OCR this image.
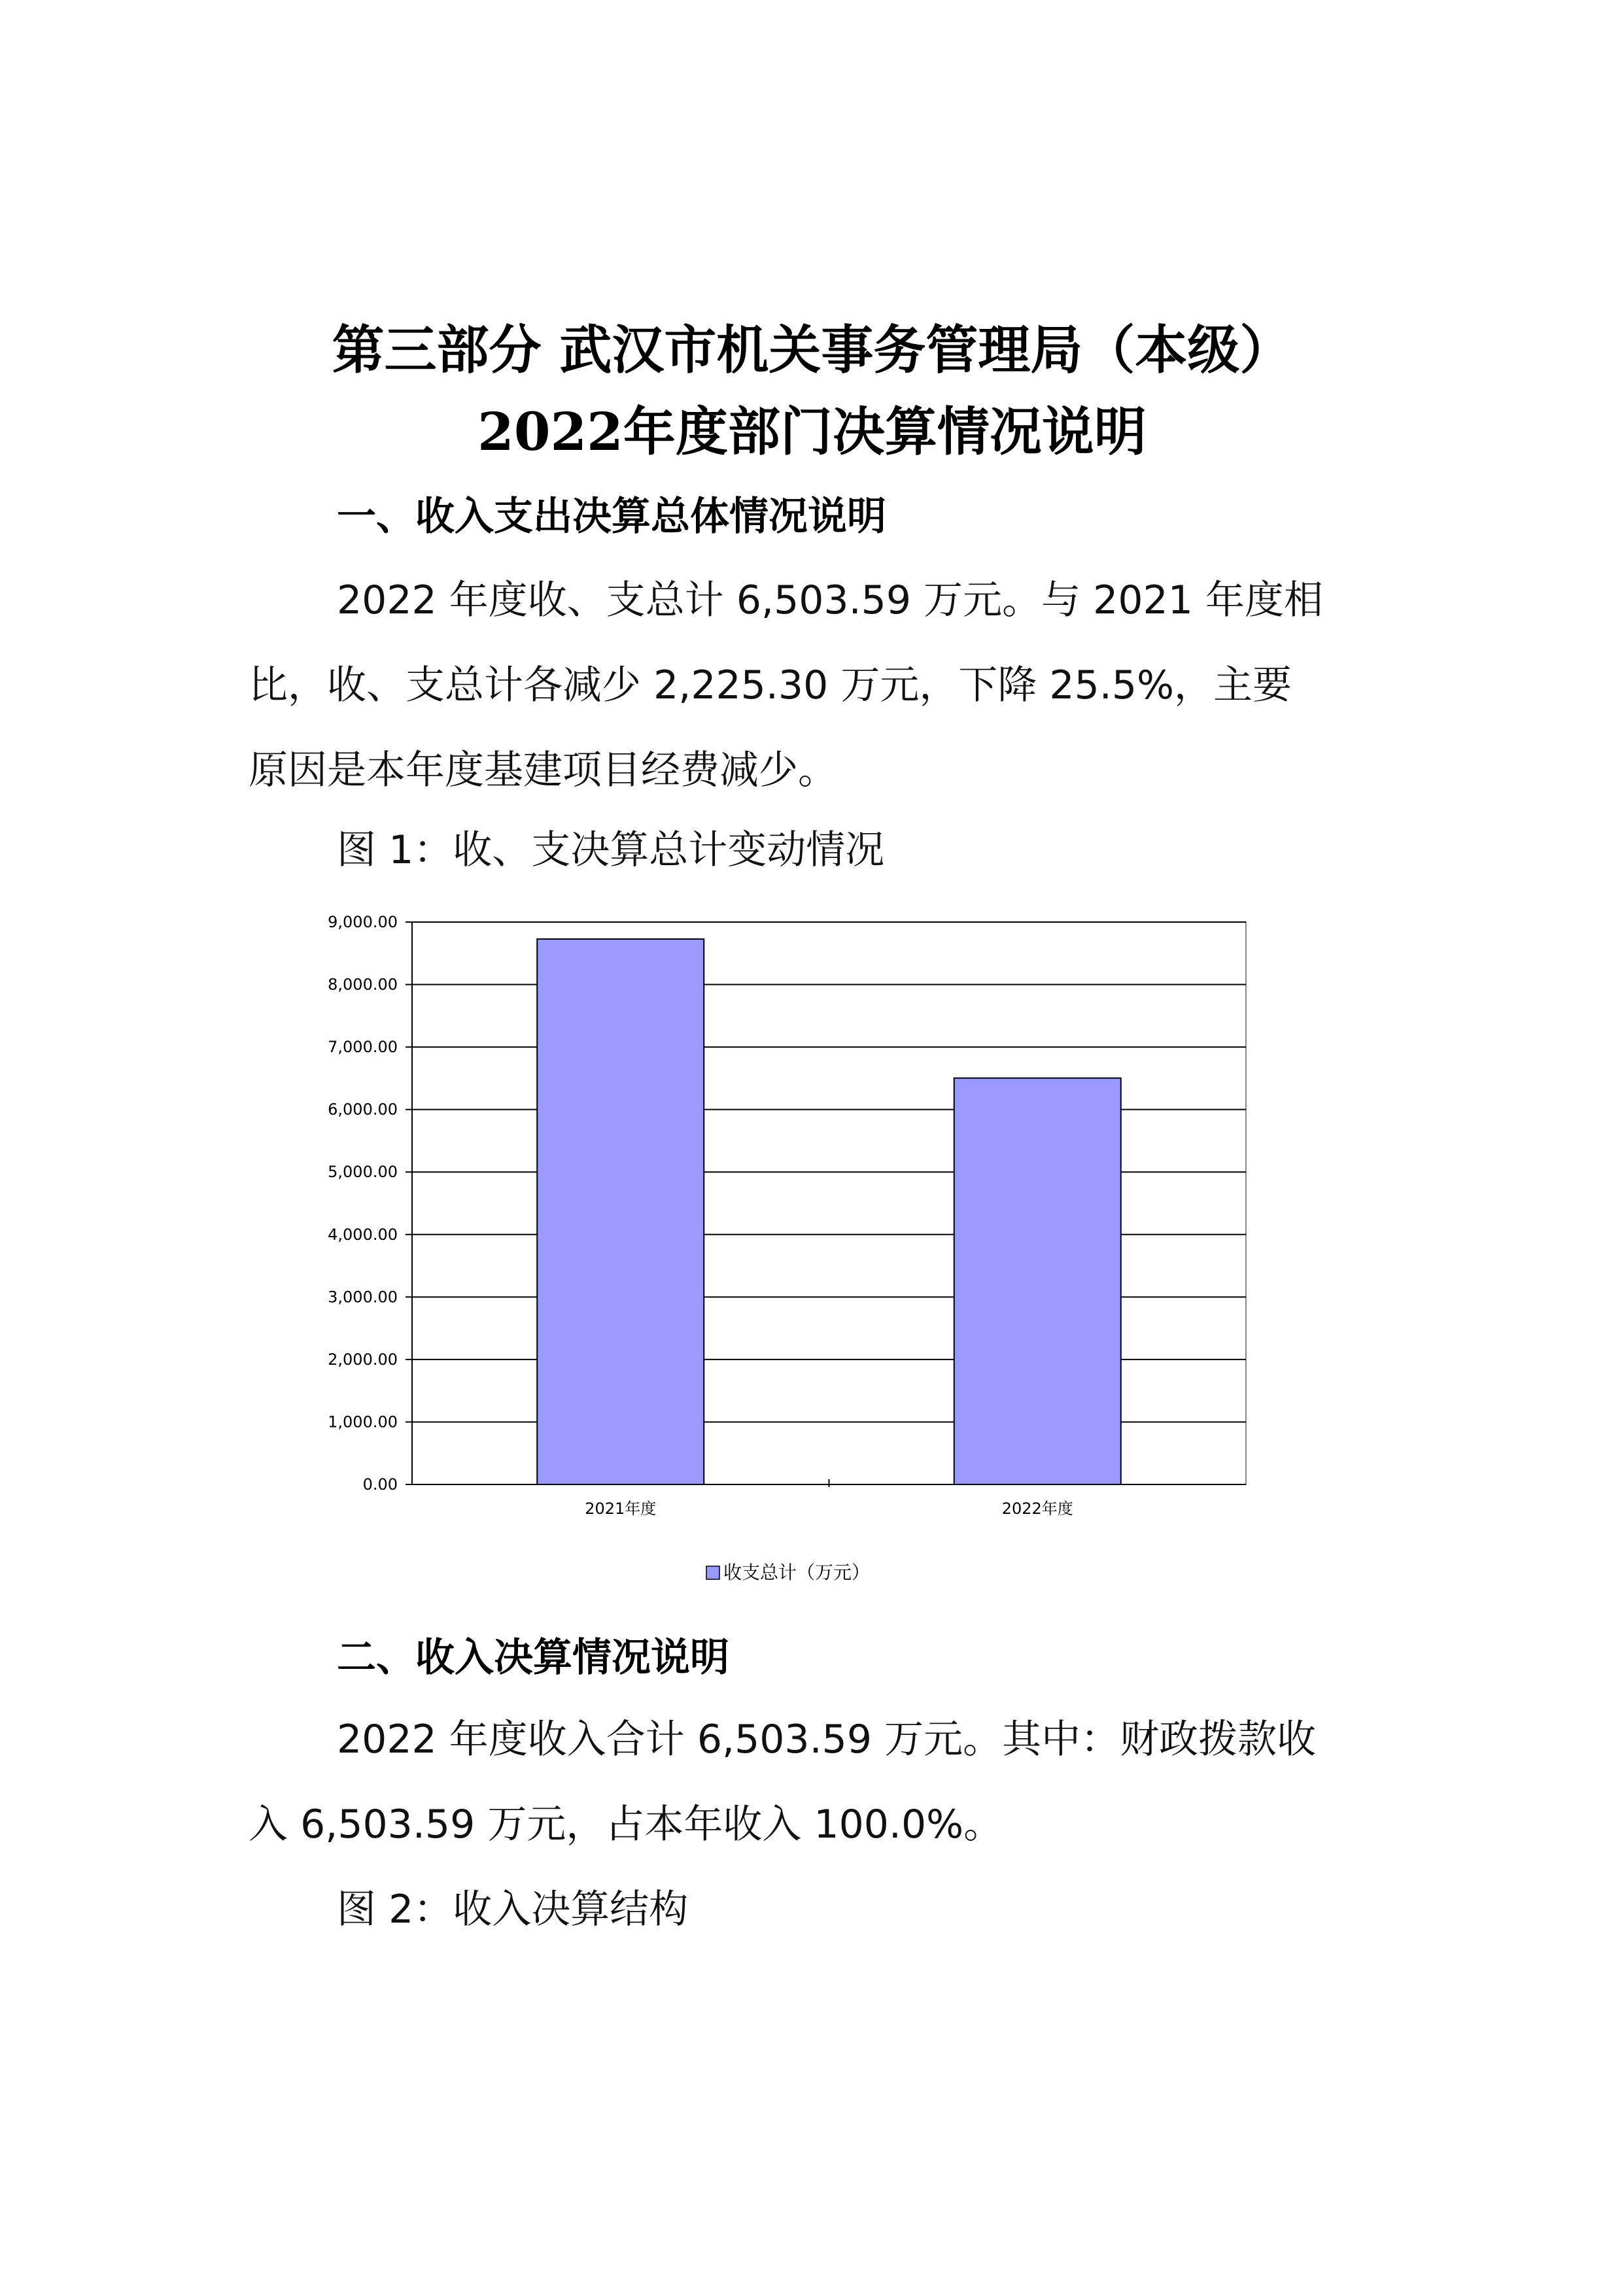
第三部分 武汉市机关事务管理局（本级）
2022年度部门决算情况说明
一、收入支出决算总体情况说明

2022 年度收、支总计 6,503.59 万元。与 2021 年度相

比，收、支总计各减少 2,225.30 万元，下降 25.5%，主要

原因是本年度基建项目经费减少。

图 1：收、支决算总计变动情况

0.00
1,000.00
2,000.00
3,000.00
4,000.00
5,000.00
6,000.00
7,000.00
8,000.00
9,000.00
2021年度	2022年度
收支总计（万元）
二、收入决算情况说明

2022 年度收入合计 6,503.59 万元。其中：财政拨款收

入 6,503.59 万元，占本年收入 100.0%。

图 2：收入决算结构
